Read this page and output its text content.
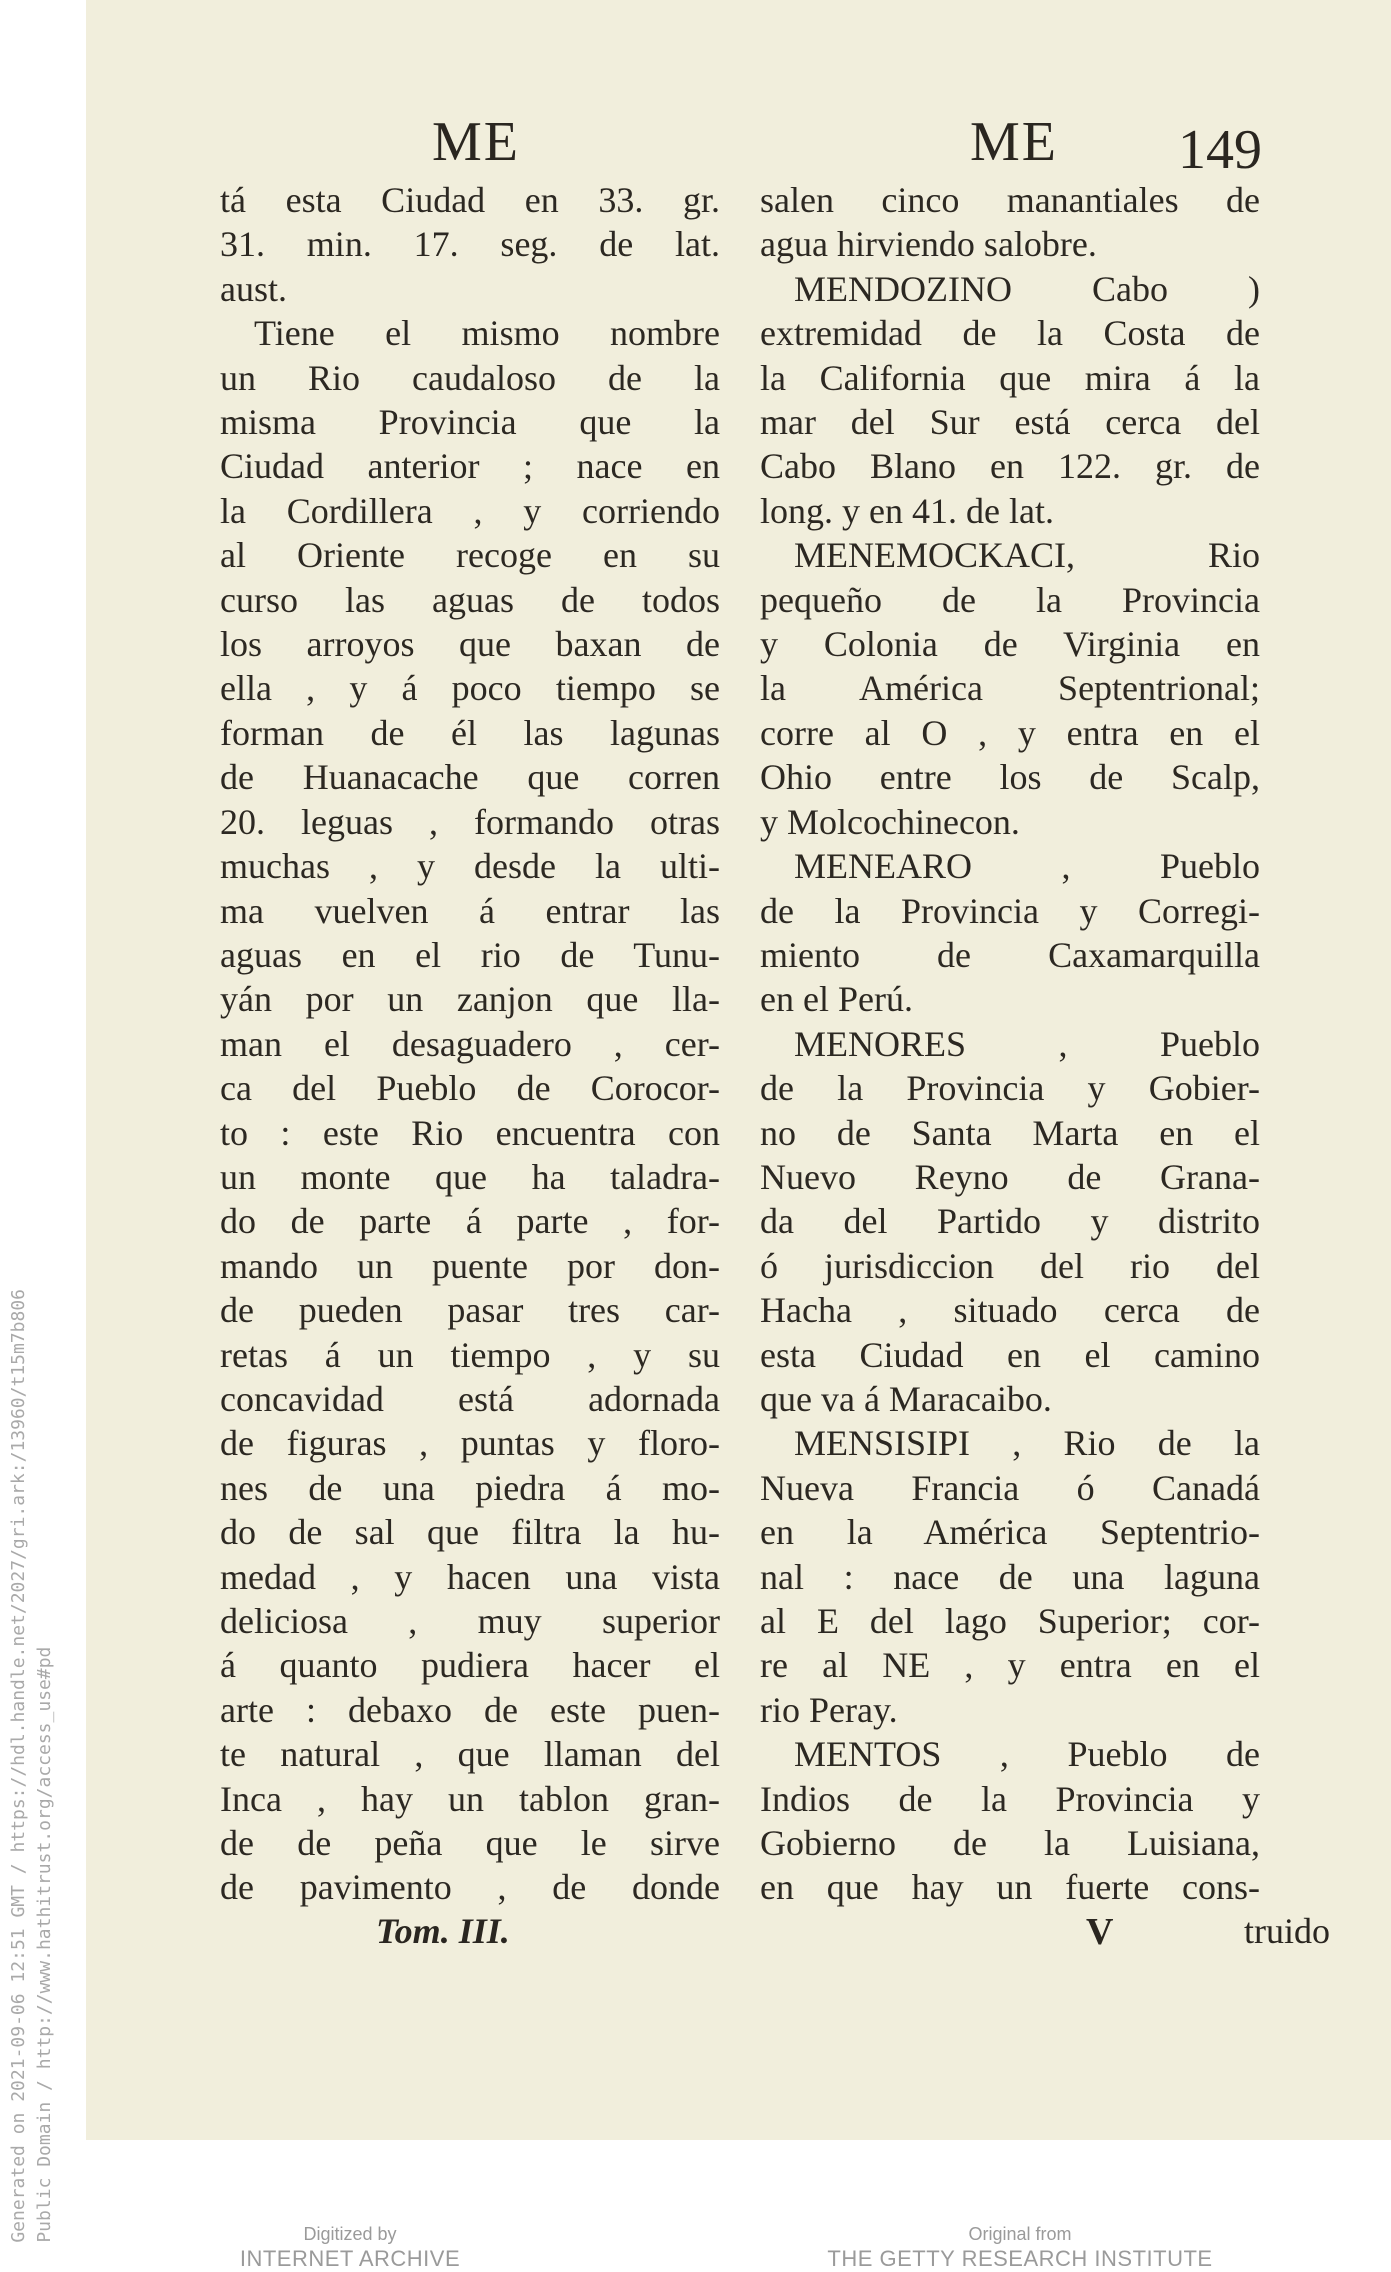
Generated on 2021-09-06 12:51 GMT / https://hdl.handle.net/2027/gri.ark:/13960/t15m7b806 Public Domain / http://www.hathitrust.org/access_use#pd
ME	ME 149

tá esta Ciudad en 33. gr.

31. min. 17. seg. de lat.

aust.

Tiene el mismo nombre

un Rio caudaloso de la

misma Provincia que la

Ciudad anterior ; nace en

la Cordillera , y corriendo

al Oriente recoge en su

curso las aguas de todos

los arroyos que baxan de

ella , y á poco tiempo se

forman de él las lagunas

de Huanacache que corren

20. leguas , formando otras

muchas , y desde la ulti-

ma vuelven á entrar las

aguas en el rio de Tunu-

yán por un zanjon que lla-

man el desaguadero , cer-

ca del Pueblo de Corocor-

to : este Rio encuentra con

un monte que ha taladra-

do de parte á parte , for-

mando un puente por don-

de pueden pasar tres car-

retas á un tiempo , y su

concavidad está adornada

de figuras , puntas y floro-

nes de una piedra á mo-

do de sal que filtra la hu-

medad , y hacen una vista

deliciosa , muy superior

á quanto pudiera hacer el

arte : debaxo de este puen-

te natural , que llaman del

Inca , hay un tablon gran-

de de peña que le sirve

de pavimento , de donde

salen cinco manantiales de

agua hirviendo salobre.

MENDOZINO Cabo )

extremidad de la Costa de

la California que mira á la

mar del Sur está cerca del

Cabo Blano en 122. gr. de

long. y en 41. de lat.

MENEMOCKACI, Rio

pequeño de la Provincia

y Colonia de Virginia en

la América Septentrional;

corre al O , y entra en el

Ohio entre los de Scalp,

y Molcochinecon.

MENEARO , Pueblo

de la Provincia y Corregi-

miento de Caxamarquilla

en el Perú.

MENORES , Pueblo

de la Provincia y Gobier-

no de Santa Marta en el

Nuevo Reyno de Grana-

da del Partido y distrito

ó jurisdiccion del rio del

Hacha , situado cerca de

esta Ciudad en el camino

que va á Maracaibo.

MENSISIPI , Rio de la

Nueva Francia ó Canadá

en la América Septentrio-

nal : nace de una laguna

al E del lago Superior; cor-

re al NE , y entra en el

rio Peray.

MENTOS , Pueblo de

Indios de la Provincia y

Gobierno de la Luisiana,

en que hay un fuerte cons-

Tom. III.	V	truido
Digitized by
INTERNET ARCHIVE
Original from
THE GETTY RESEARCH INSTITUTE
